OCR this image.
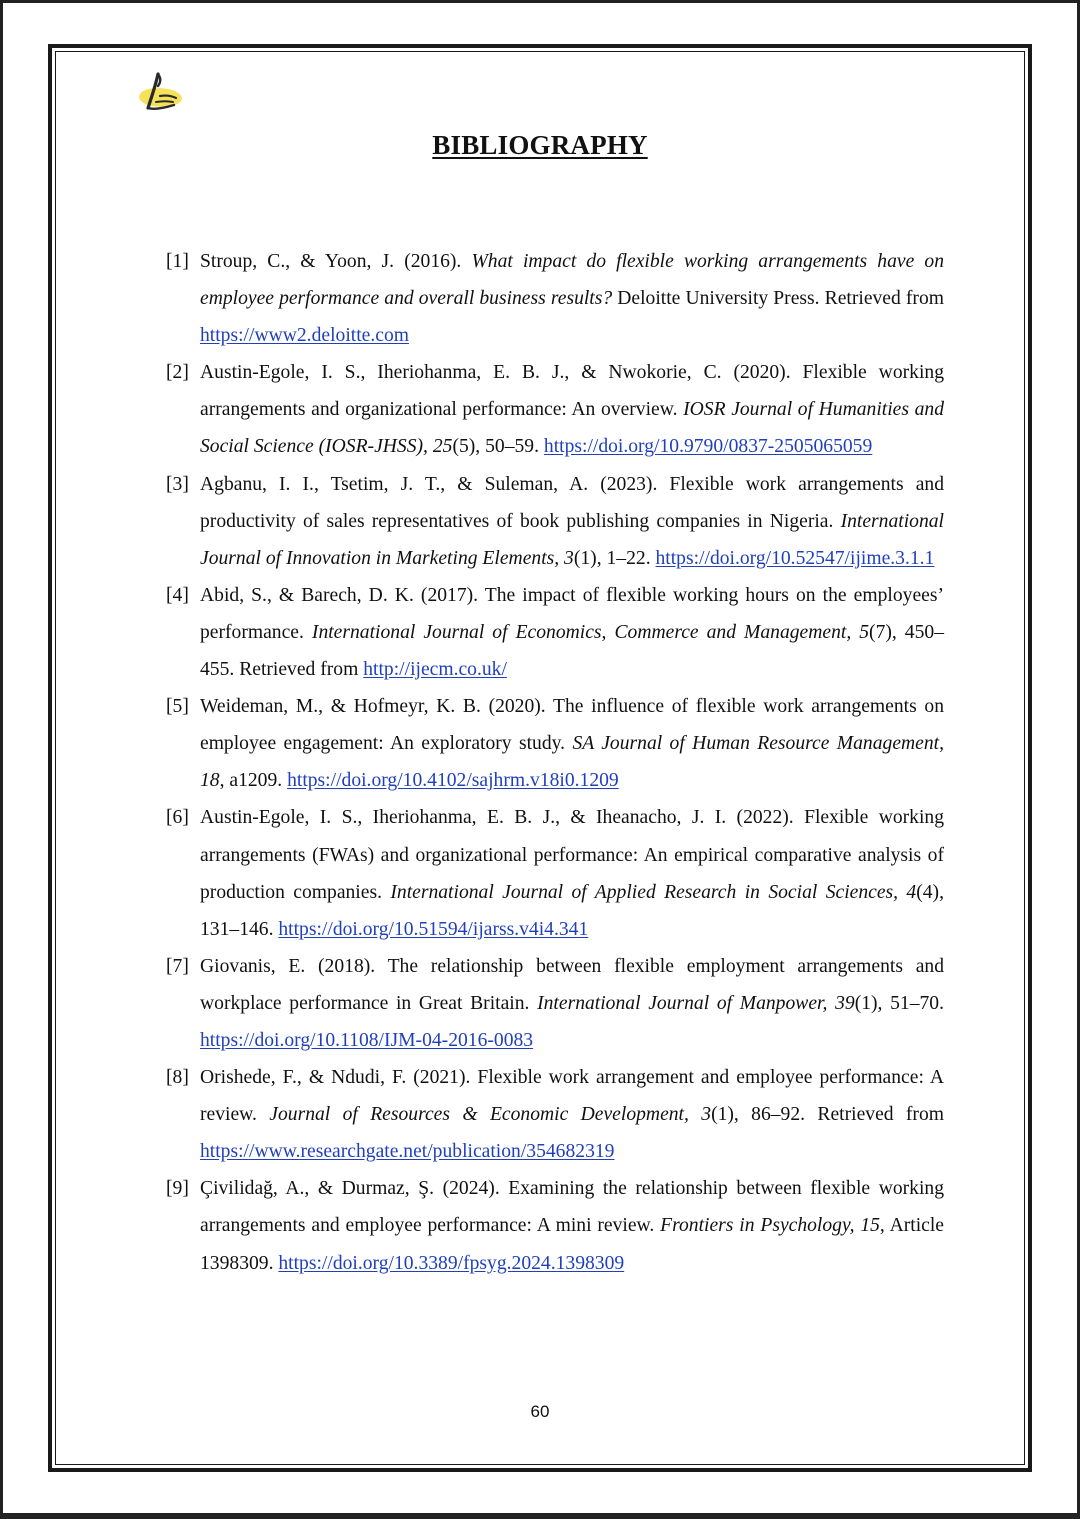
BIBLIOGRAPHY
[1] Stroup, C., & Yoon, J. (2016). What impact do flexible working arrangements have on employee performance and overall business results? Deloitte University Press. Retrieved from https://www2.deloitte.com
[2] Austin-Egole, I. S., Iheriohanma, E. B. J., & Nwokorie, C. (2020). Flexible working arrangements and organizational performance: An overview. IOSR Journal of Humanities and Social Science (IOSR-JHSS), 25(5), 50–59. https://doi.org/10.9790/0837-2505065059
[3] Agbanu, I. I., Tsetim, J. T., & Suleman, A. (2023). Flexible work arrangements and productivity of sales representatives of book publishing companies in Nigeria. International Journal of Innovation in Marketing Elements, 3(1), 1–22. https://doi.org/10.52547/ijime.3.1.1
[4] Abid, S., & Barech, D. K. (2017). The impact of flexible working hours on the employees’ performance. International Journal of Economics, Commerce and Management, 5(7), 450–455. Retrieved from http://ijecm.co.uk/
[5] Weideman, M., & Hofmeyr, K. B. (2020). The influence of flexible work arrangements on employee engagement: An exploratory study. SA Journal of Human Resource Management, 18, a1209. https://doi.org/10.4102/sajhrm.v18i0.1209
[6] Austin-Egole, I. S., Iheriohanma, E. B. J., & Iheanacho, J. I. (2022). Flexible working arrangements (FWAs) and organizational performance: An empirical comparative analysis of production companies. International Journal of Applied Research in Social Sciences, 4(4), 131–146. https://doi.org/10.51594/ijarss.v4i4.341
[7] Giovanis, E. (2018). The relationship between flexible employment arrangements and workplace performance in Great Britain. International Journal of Manpower, 39(1), 51–70. https://doi.org/10.1108/IJM-04-2016-0083
[8] Orishede, F., & Ndudi, F. (2021). Flexible work arrangement and employee performance: A review. Journal of Resources & Economic Development, 3(1), 86–92. Retrieved from https://www.researchgate.net/publication/354682319
[9] Çivilidağ, A., & Durmaz, Ş. (2024). Examining the relationship between flexible working arrangements and employee performance: A mini review. Frontiers in Psychology, 15, Article 1398309. https://doi.org/10.3389/fpsyg.2024.1398309
60
